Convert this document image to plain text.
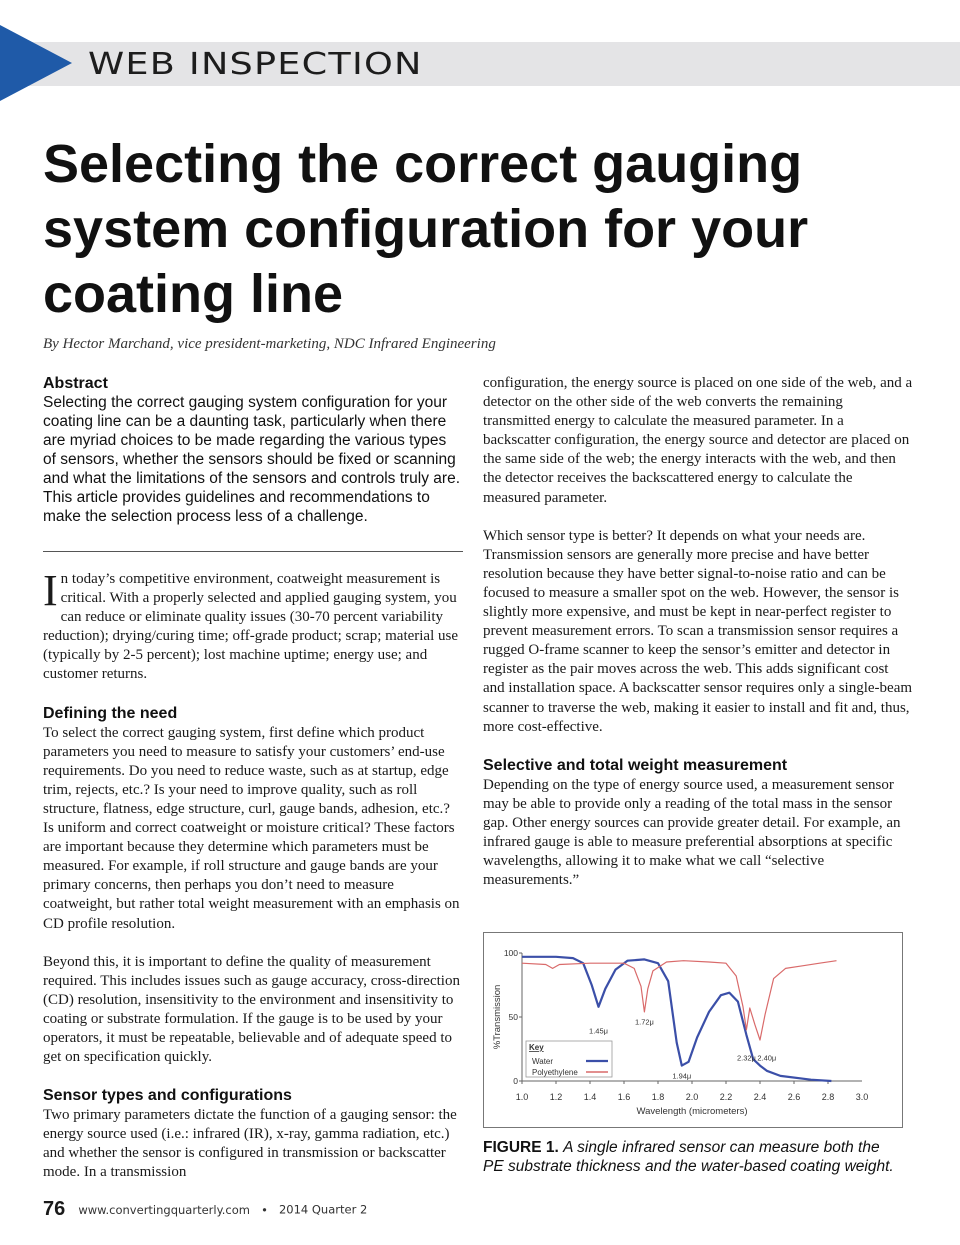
WEB INSPECTION
Selecting the correct gauging system configuration for your coating line
By Hector Marchand, vice president-marketing, NDC Infrared Engineering
Abstract

Selecting the correct gauging system configuration for your coating line can be a daunting task, particularly when there are myriad choices to be made regarding the various types of sensors, whether the sensors should be fixed or scanning and what the limitations of the sensors and controls truly are. This article provides guidelines and recommendations to make the selection process less of a challenge.

In today’s competitive environment, coatweight measurement is critical. With a properly selected and applied gauging system, you can reduce or eliminate quality issues (30-70 percent variability reduction); drying/curing time; off-grade product; scrap; material use (typically by 2-5 percent); lost machine uptime; energy use; and customer returns.

Defining the need

To select the correct gauging system, first define which product parameters you need to measure to satisfy your customers’ end-use requirements. Do you need to reduce waste, such as at startup, edge trim, rejects, etc.? Is your need to improve quality, such as roll structure, flatness, edge structure, curl, gauge bands, adhesion, etc.? Is uniform and correct coatweight or moisture critical? These factors are important because they determine which parameters must be measured. For example, if roll structure and gauge bands are your primary concerns, then perhaps you don’t need to measure coatweight, but rather total weight measurement with an emphasis on CD profile resolution.

Beyond this, it is important to define the quality of measurement required. This includes issues such as gauge accuracy, cross-direction (CD) resolution, insensitivity to the environment and insensitivity to coating or substrate formulation. If the gauge is to be used by your operators, it must be repeatable, believable and of adequate speed to get on specification quickly.

Sensor types and configurations

Two primary parameters dictate the function of a gauging sensor: the energy source used (i.e.: infrared (IR), x-ray, gamma radiation, etc.) and whether the sensor is configured in transmission or backscatter mode. In a transmission

configuration, the energy source is placed on one side of the web, and a detector on the other side of the web converts the remaining transmitted energy to calculate the measured parameter. In a backscatter configuration, the energy source and detector are placed on the same side of the web; the energy interacts with the web, and then the detector receives the backscattered energy to calculate the measured parameter.

Which sensor type is better? It depends on what your needs are. Transmission sensors are generally more precise and have better resolution because they have better signal-to-noise ratio and can be focused to measure a smaller spot on the web. However, the sensor is slightly more expensive, and must be kept in near-perfect register to prevent measurement errors. To scan a transmission sensor requires a rugged O-frame scanner to keep the sensor’s emitter and detector in register as the pair moves across the web. This adds significant cost and installation space. A backscatter sensor requires only a single-beam scanner to traverse the web, making it easier to install and fit and, thus, more cost-effective.

Selective and total weight measurement

Depending on the type of energy source used, a measurement sensor may be able to provide only a reading of the total mass in the sensor gap. Other energy sources can provide greater detail. For example, an infrared gauge is able to measure preferential absorptions at specific wavelengths, allowing it to make what we call “selective measurements.”

0
50
100
1.0 1.2 1.4 1.6 1.8 2.0 2.2 2.4 2.6 2.8 3.0
Wavelength (micrometers)
%Transmission	1.45μ
1.72μ
1.94μ
2.32μ 2.40μ
Key
Water
Polyethylene
FIGURE 1. A single infrared sensor can measure both the PE substrate thickness and the water-based coating weight.
76 www.convertingquarterly.com • 2014 Quarter 2
